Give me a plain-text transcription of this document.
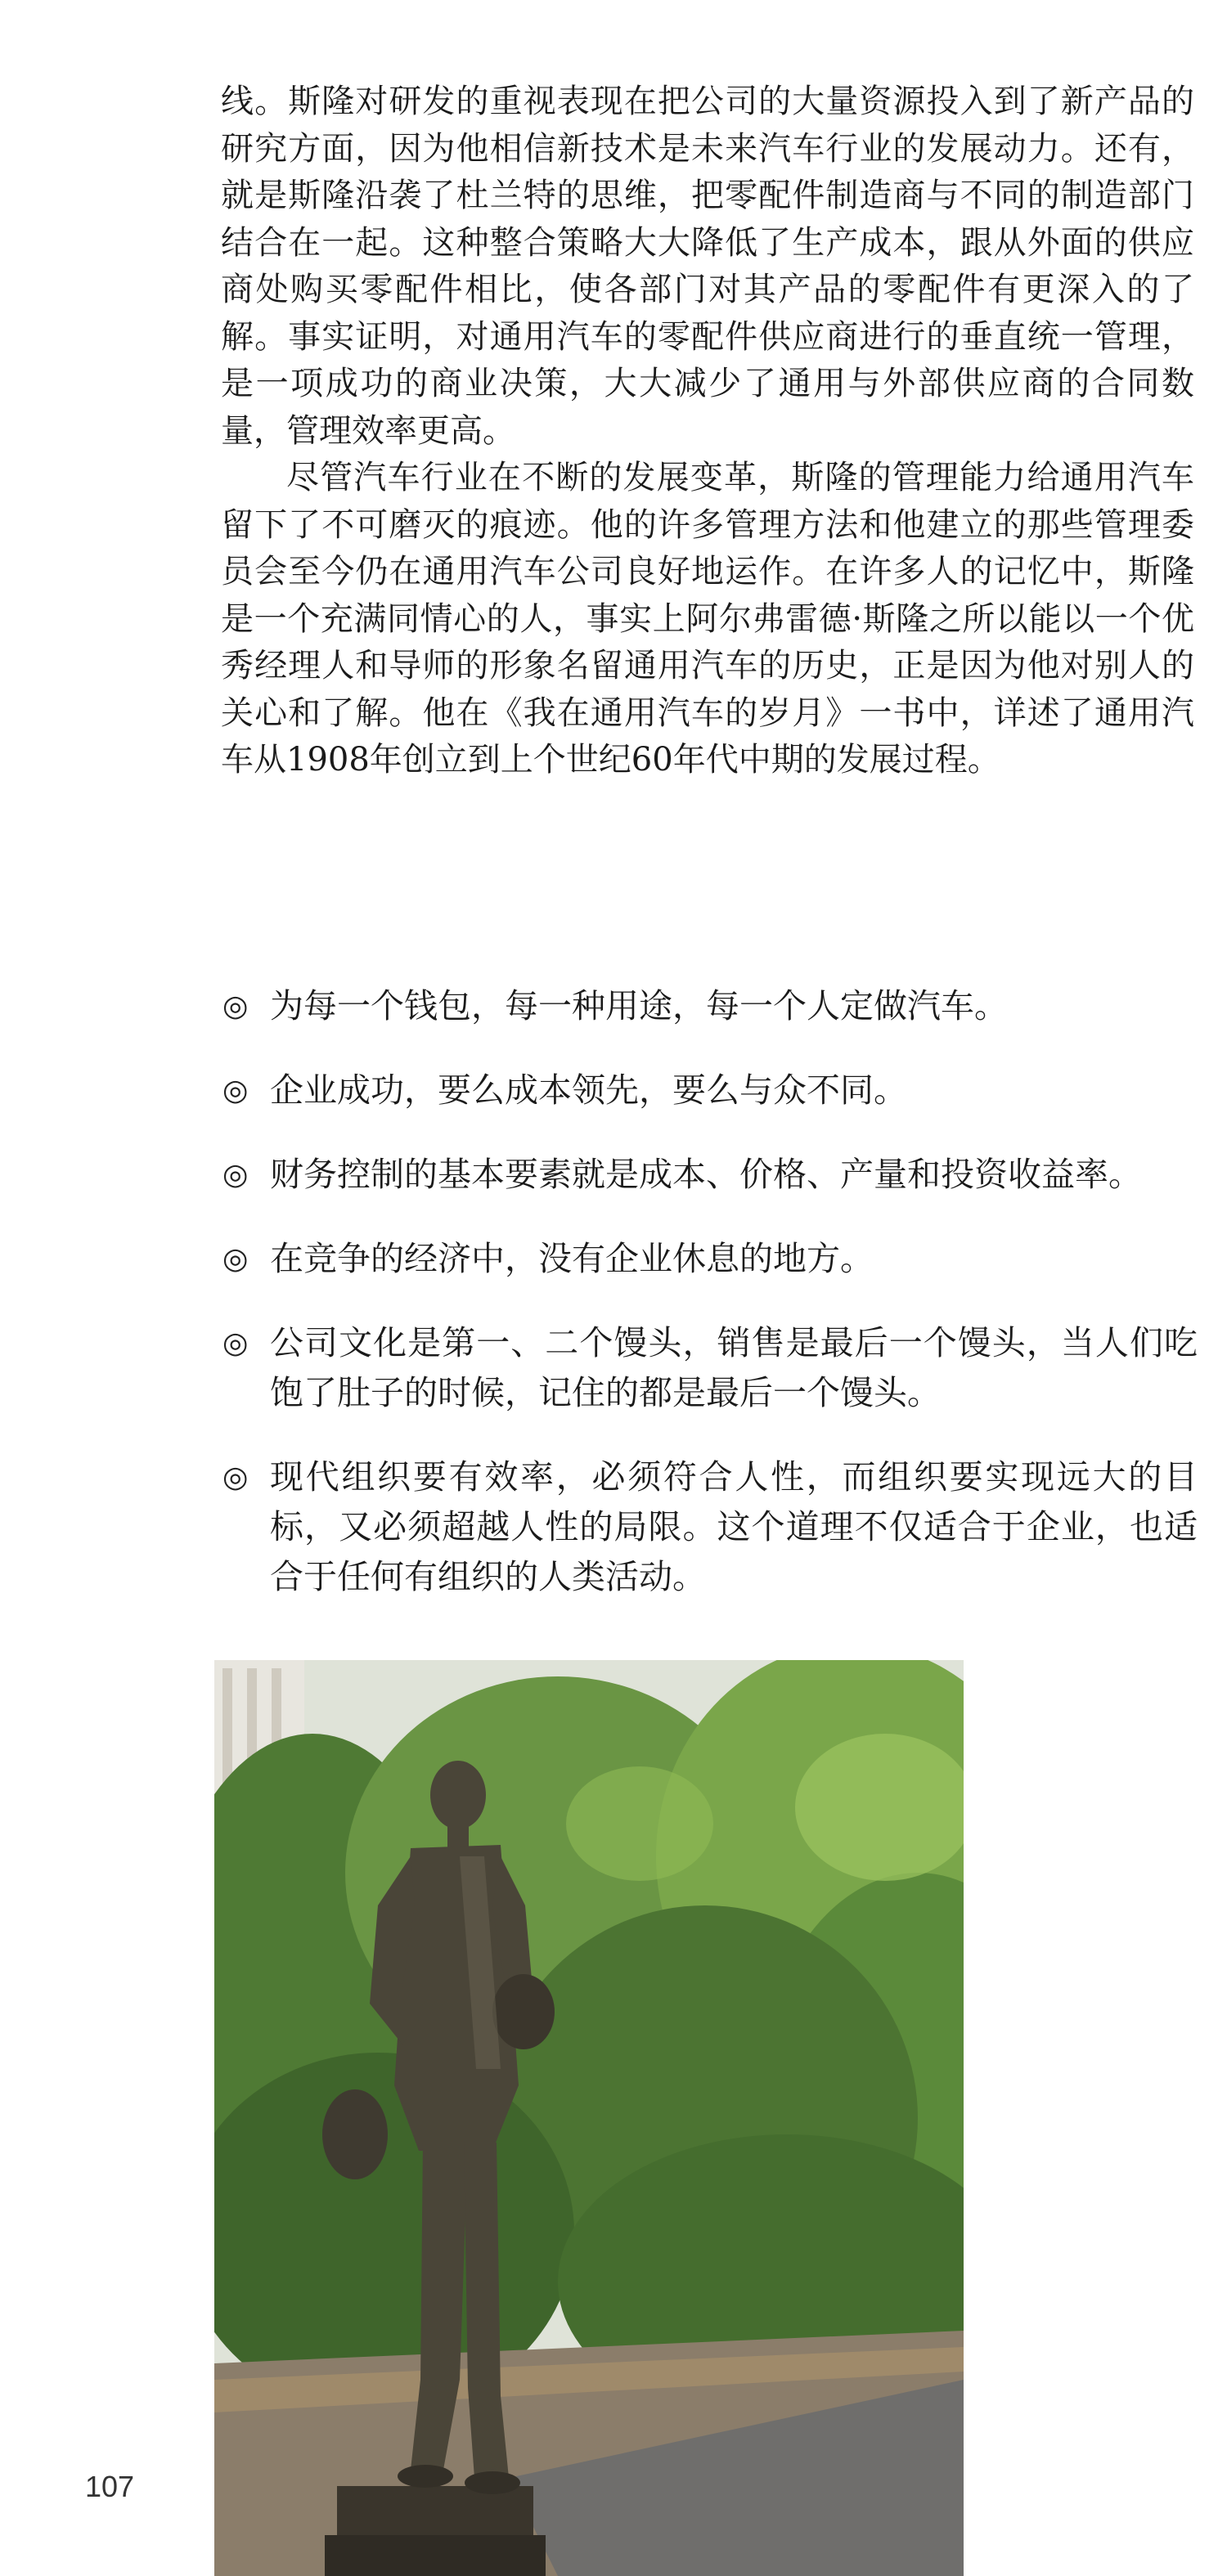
线。斯隆对研发的重视表现在把公司的大量资源投入到了新产品的研究方面，因为他相信新技术是未来汽车行业的发展动力。还有，就是斯隆沿袭了杜兰特的思维，把零配件制造商与不同的制造部门结合在一起。这种整合策略大大降低了生产成本，跟从外面的供应商处购买零配件相比，使各部门对其产品的零配件有更深入的了解。事实证明，对通用汽车的零配件供应商进行的垂直统一管理，是一项成功的商业决策，大大减少了通用与外部供应商的合同数量，管理效率更高。

尽管汽车行业在不断的发展变革，斯隆的管理能力给通用汽车留下了不可磨灭的痕迹。他的许多管理方法和他建立的那些管理委员会至今仍在通用汽车公司良好地运作。在许多人的记忆中，斯隆是一个充满同情心的人，事实上阿尔弗雷德·斯隆之所以能以一个优秀经理人和导师的形象名留通用汽车的历史，正是因为他对别人的关心和了解。他在《我在通用汽车的岁月》一书中，详述了通用汽车从1908年创立到上个世纪60年代中期的发展过程。

◎ 为每一个钱包，每一种用途，每一个人定做汽车。
◎ 企业成功，要么成本领先，要么与众不同。
◎ 财务控制的基本要素就是成本、价格、产量和投资收益率。
◎ 在竞争的经济中，没有企业休息的地方。
◎ 公司文化是第一、二个馒头，销售是最后一个馒头，当人们吃饱了肚子的时候，记住的都是最后一个馒头。
◎ 现代组织要有效率，必须符合人性，而组织要实现远大的目标，又必须超越人性的局限。这个道理不仅适合于企业，也适合于任何有组织的人类活动。
107
